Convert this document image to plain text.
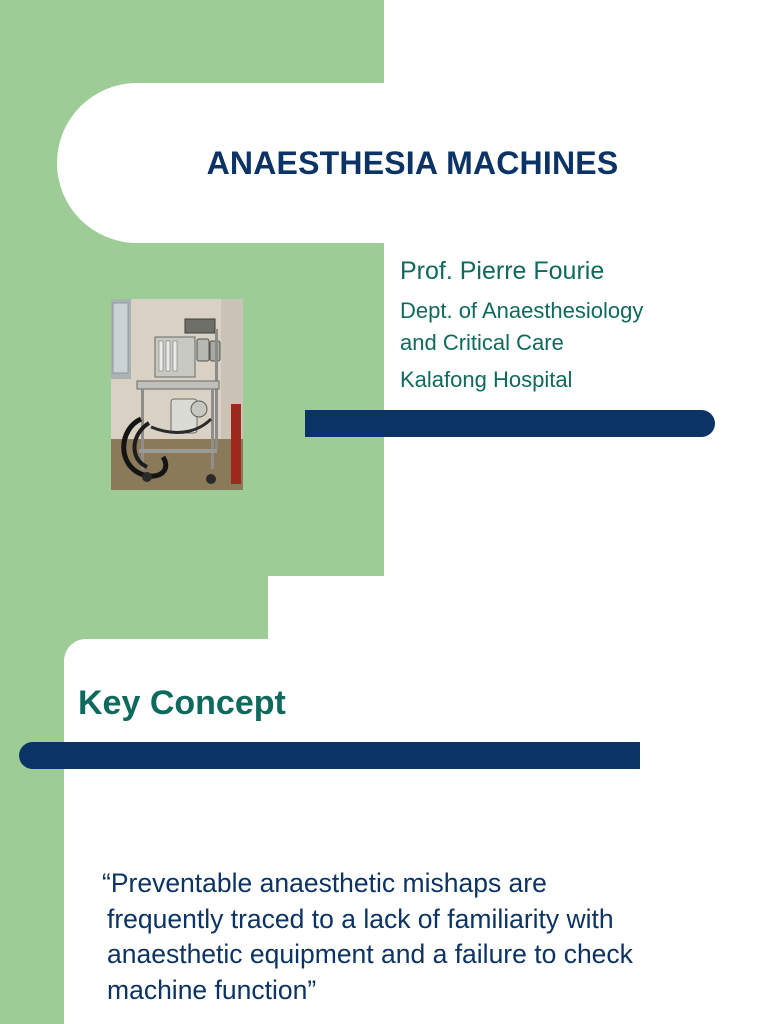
ANAESTHESIA MACHINES
Prof. Pierre Fourie
Dept. of Anaesthesiology
and Critical Care
Kalafong Hospital
Key Concept
“Preventable anaesthetic mishaps are
frequently traced to a lack of familiarity with
anaesthetic equipment and a failure to check
machine function”
